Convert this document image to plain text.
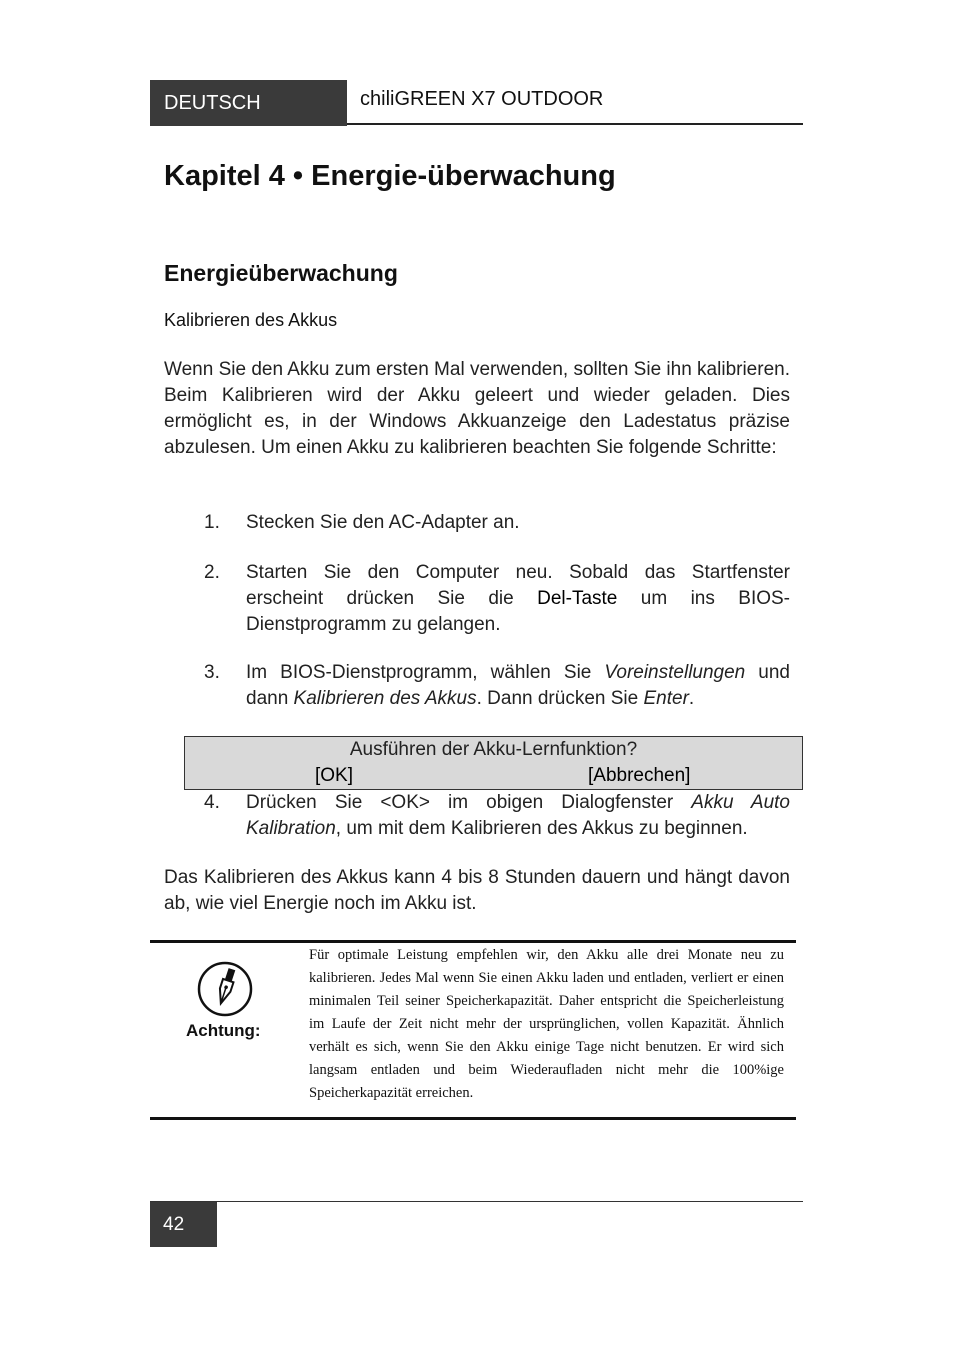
DEUTSCH	chiliGREEN X7 OUTDOOR
Kapitel 4 • Energie-überwachung
Energieüberwachung
Kalibrieren des Akkus

Wenn Sie den Akku zum ersten Mal verwenden, sollten Sie ihn kalibrieren. Beim Kalibrieren wird der Akku geleert und wieder geladen. Dies ermöglicht es, in der Windows Akkuanzeige den Ladestatus präzise abzulesen. Um einen Akku zu kalibrieren beachten Sie folgende Schritte:

1. Stecken Sie den AC-Adapter an.
2. Starten Sie den Computer neu. Sobald das Startfenster erscheint drücken Sie die Del-Taste um ins BIOS-Dienstprogramm zu gelangen.
3. Im BIOS-Dienstprogramm, wählen Sie Voreinstellungen und dann Kalibrieren des Akkus. Dann drücken Sie Enter.
Ausführen der Akku-Lernfunktion?
[OK]	[Abbrechen]
4. Drücken Sie <OK> im obigen Dialogfenster Akku Auto Kalibration, um mit dem Kalibrieren des Akkus zu beginnen.

Das Kalibrieren des Akkus kann 4 bis 8 Stunden dauern und hängt davon ab, wie viel Energie noch im Akku ist.

Achtung:

Für optimale Leistung empfehlen wir, den Akku alle drei Monate neu zu kalibrieren. Jedes Mal wenn Sie einen Akku laden und entladen, verliert er einen minimalen Teil seiner Speicherkapazität. Daher entspricht die Speicherleistung im Laufe der Zeit nicht mehr der ursprünglichen, vollen Kapazität. Ähnlich verhält es sich, wenn Sie den Akku einige Tage nicht benutzen. Er wird sich langsam entladen und beim Wiederaufladen nicht mehr die 100%ige Speicherkapazität erreichen.

42
